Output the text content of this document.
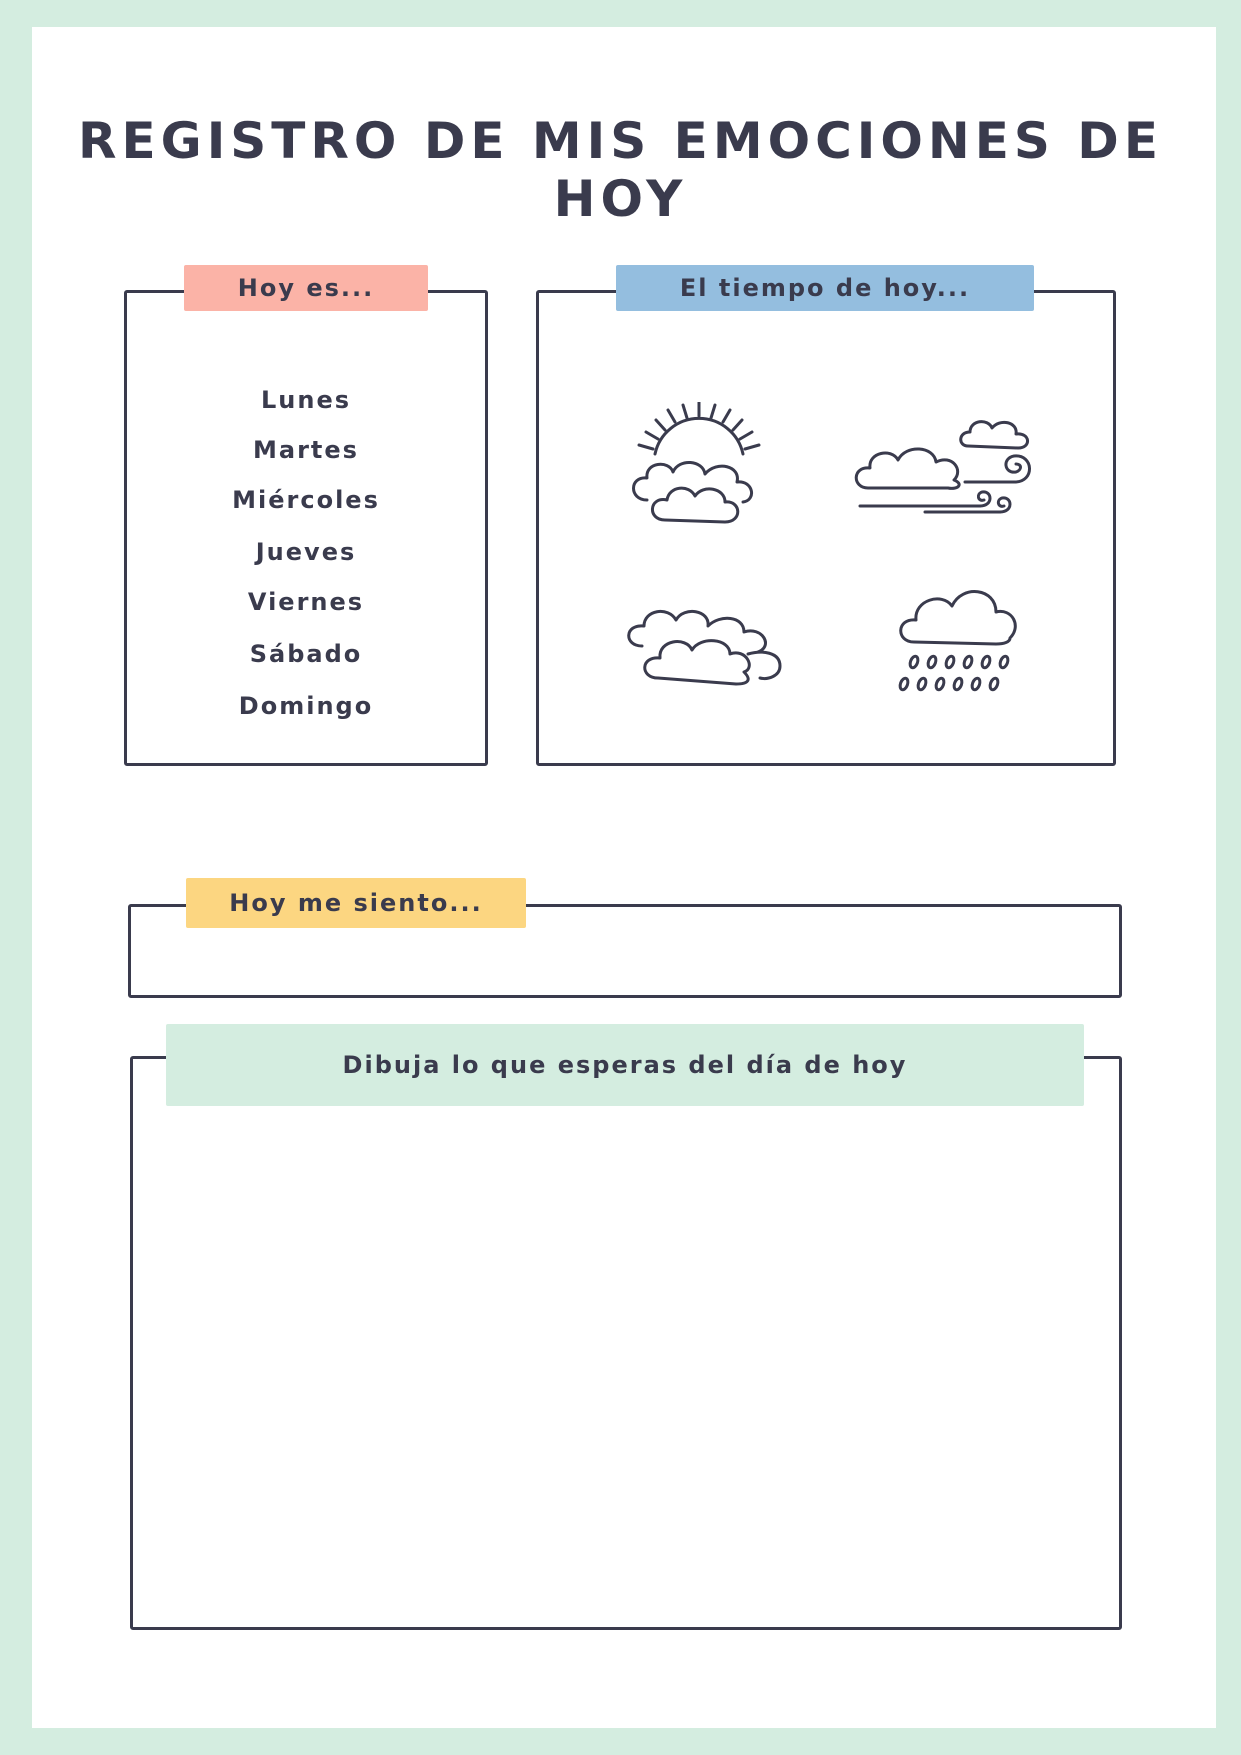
REGISTRO DE MIS EMOCIONES DE HOY
Hoy es...
Lunes
Martes
Miércoles
Jueves
Viernes
Sábado
Domingo
El tiempo de hoy...
Hoy me siento...
Dibuja lo que esperas del día de hoy
